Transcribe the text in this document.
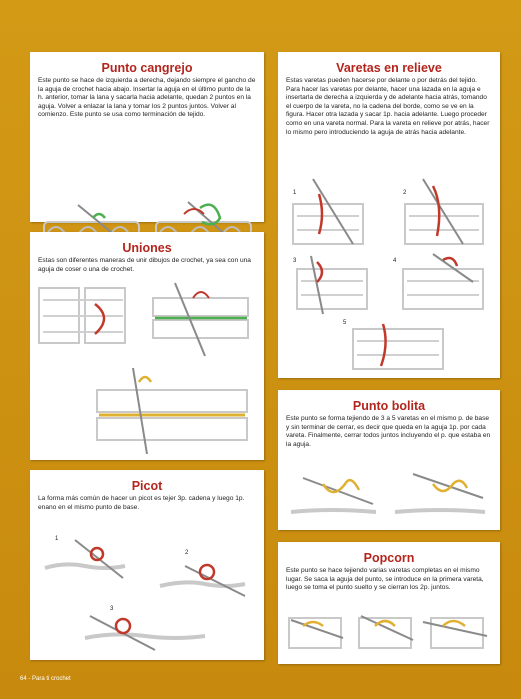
Punto cangrejo

Este punto se hace de izquierda a derecha, dejando siempre el gancho de la aguja de crochet hacia abajo. Insertar la aguja en el último punto de la h. anterior, tomar la lana y sacarla hacia adelante, quedan 2 puntos en la aguja. Volver a enlazar la lana y tomar los 2 puntos juntos. Volver al comienzo. Este punto se usa como terminación de tejido.

Uniones

Estas son diferentes maneras de unir dibujos de crochet, ya sea con una aguja de coser o una de crochet.

Picot

La forma más común de hacer un picot es tejer 3p. cadena y luego 1p. enano en el mismo punto de base.

1
2
3
Varetas en relieve

Estas varetas pueden hacerse por delante o por detrás del tejido. Para hacer las varetas por delante, hacer una lazada en la aguja e insertarla de derecha a izquierda y de adelante hacia atrás, tomando el cuerpo de la vareta, no la cadena del borde, como se ve en la figura. Hacer otra lazada y sacar 1p. hacia adelante. Luego proceder como en una vareta normal. Para la vareta en relieve por atrás, hacer lo mismo pero introduciendo la aguja de atrás hacia adelante.

1	2
3	4
5
Punto bolita

Este punto se forma tejiendo de 3 a 5 varetas en el mismo p. de base y sin terminar de cerrar, es decir que queda en la aguja 1p. por cada vareta. Finalmente, cerrar todos juntos incluyendo el p. que estaba en la aguja.

Popcorn

Este punto se hace tejiendo varias varetas completas en el mismo lugar. Se saca la aguja del punto, se introduce en la primera vareta, luego se toma el punto suelto y se cierran los 2p. juntos.

64 - Para ti crochet
